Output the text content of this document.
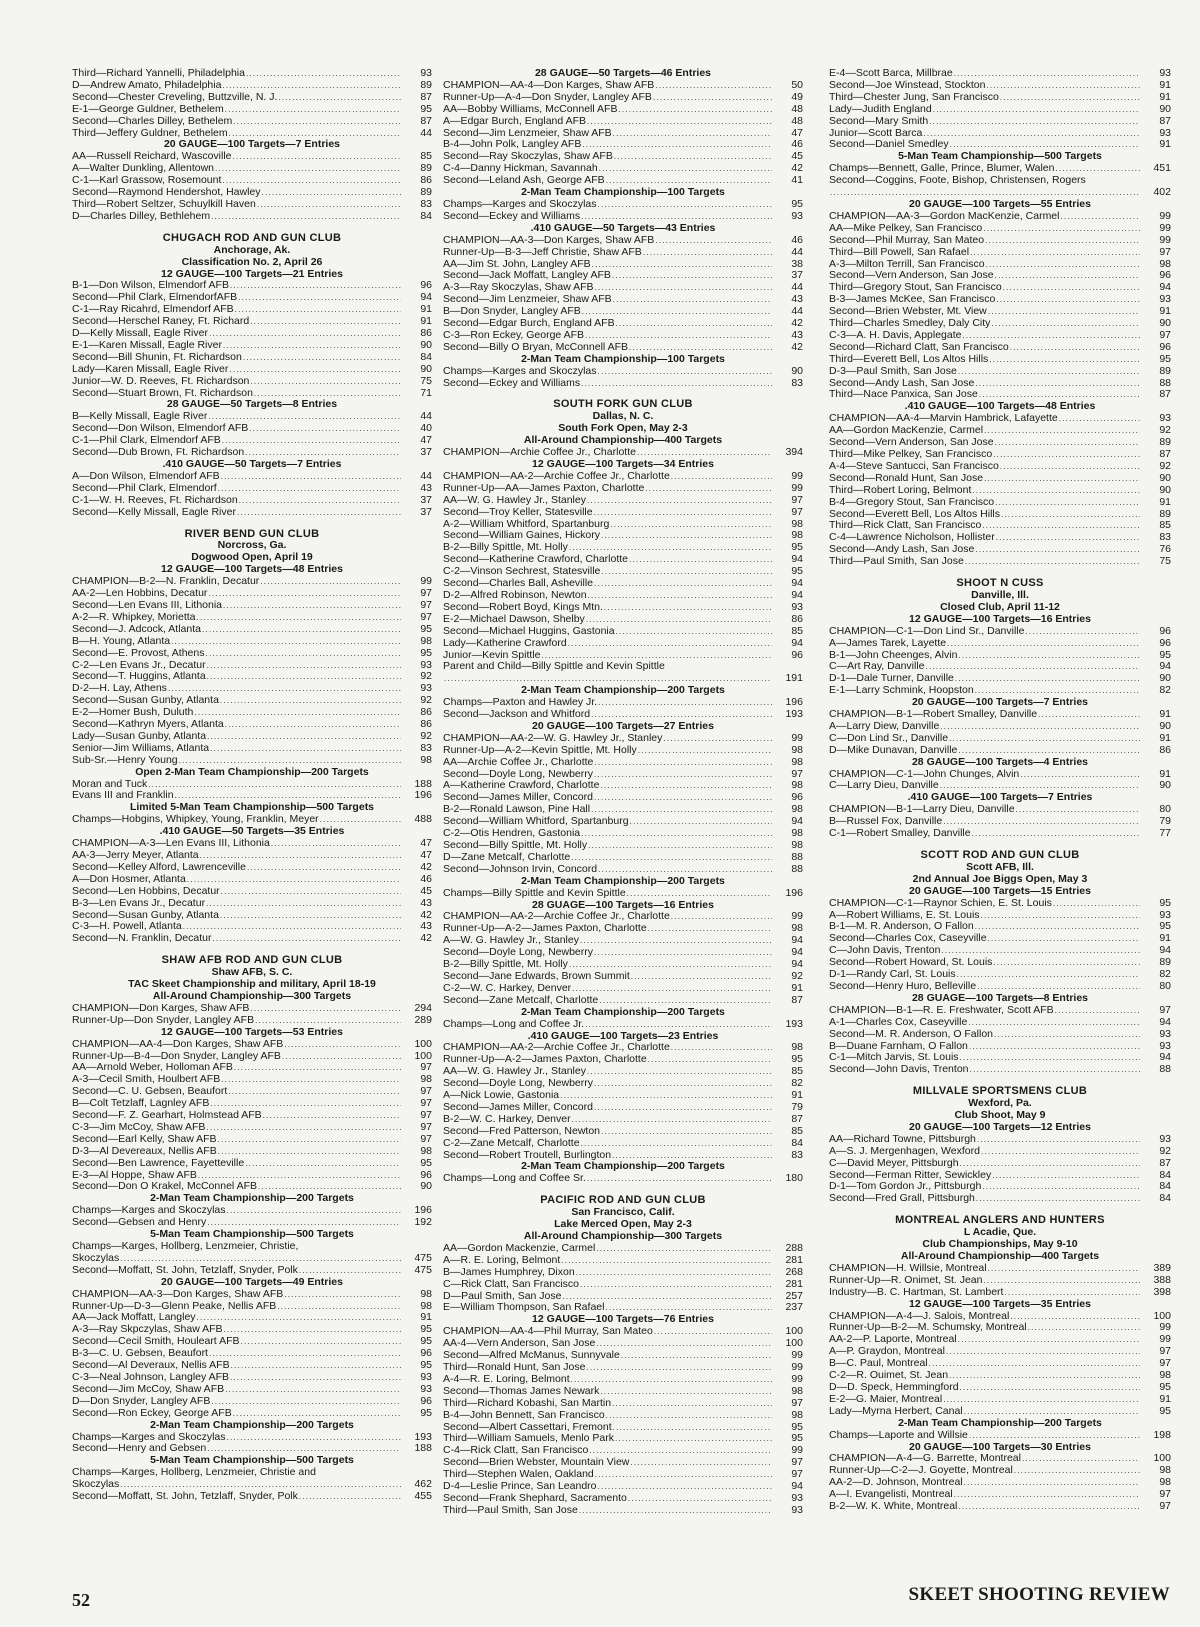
Third—Richard Yannelli, Philadelphia . . .	93
D—Andrew Amato, Philadelphia . . .	89
Second—Chester Creveling, Buttzville, N. J. . . .	87
E-1—George Guldner, Bethelem . . .	95
Second—Charles Dilley, Bethelem . . .	87
Third—Jeffery Guldner, Bethelem . . .	44
20 GAUGE—100 Targets—7 Entries
AA—Russell Reichard, Wascoville . . .	85
A—Walter Dunkling, Allentown . . .	89
C-1—Karl Grassow, Rosemount . . .	86
Second—Raymond Hendershot, Hawley . . .	89
Third—Robert Seltzer, Schuylkill Haven . . .	83
D—Charles Dilley, Bethlehem . . .	84
CHUGACH ROD AND GUN CLUB
Anchorage, Ak.
Classification No. 2, April 26
12 GAUGE—100 Targets—21 Entries
B-1—Don Wilson, Elmendorf AFB . . .	96
Second—Phil Clark, ElmendorfAFB . . .	94
C-1—Ray Ricahrd, Elmendorf AFB . . .	91
Second—Herschel Raney, Ft. Richard . . .	91
D—Kelly Missall, Eagle River . . .	86
E-1—Karen Missall, Eagle River . . .	90
Second—Bill Shunin, Ft. Richardson . . .	84
Lady—Karen Missall, Eagle River . . .	90
Junior—W. D. Reeves, Ft. Richardson . . .	75
Second—Stuart Brown, Ft. Richardson . . .	71
28 GAUGE—50 Targets—8 Entries
B—Kelly Missall, Eagle River . . .	44
Second—Don Wilson, Elmendorf AFB . . .	40
C-1—Phil Clark, Elmendorf AFB . . .	47
Second—Dub Brown, Ft. Richardson . . .	37
.410 GAUGE—50 Targets—7 Entries
A—Don Wilson, Elmendorf AFB . . .	44
Second—Phil Clark, Elmendorf . . .	43
C-1—W. H. Reeves, Ft. Richardson . . .	37
Second—Kelly Missall, Eagle River . . .	37
RIVER BEND GUN CLUB
Norcross, Ga.
Dogwood Open, April 19
12 GAUGE—100 Targets—48 Entries
CHAMPION—B-2—N. Franklin, Decatur . . .	99
AA-2—Len Hobbins, Decatur . . .	97
Second—Len Evans III, Lithonia . . .	97
A-2—R. Whipkey, Morietta . . .	97
Second—J. Adcock, Atlanta . . .	95
B—H. Young, Atlanta . . .	98
Second—E. Provost, Athens . . .	95
C-2—Len Evans Jr., Decatur . . .	93
Second—T. Huggins, Atlanta . . .	92
D-2—H. Lay, Athens . . .	93
Second—Susan Gunby, Atlanta . . .	92
E-2—Homer Bush, Duluth . . .	86
Second—Kathryn Myers, Atlanta . . .	86
Lady—Susan Gunby, Atlanta . . .	92
Senior—Jim Williams, Atlanta . . .	83
Sub-Sr.—Henry Young . . .	98
Open 2-Man Team Championship—200 Targets
Moran and Tuck . . .	188
Evans III and Franklin . . .	196
Limited 5-Man Team Championship—500 Targets
Champs—Hobgins, Whipkey, Young, Franklin, Meyer . . .	488
.410 GAUGE—50 Targets—35 Entries
CHAMPION—A-3—Len Evans III, Lithonia . . .	47
AA-3—Jerry Meyer, Atlanta . . .	47
Second—Kelley Alford, Lawrenceville . . .	42
A—Don Hosmer, Atlanta . . .	46
Second—Len Hobbins, Decatur . . .	45
B-3—Len Evans Jr., Decatur . . .	43
Second—Susan Gunby, Atlanta . . .	42
C-3—H. Powell, Atlanta . . .	43
Second—N. Franklin, Decatur . . .	42
SHAW AFB ROD AND GUN CLUB
Shaw AFB, S. C.
TAC Skeet Championship and military, April 18-19
All-Around Championship—300 Targets
CHAMPION—Don Karges, Shaw AFB . . .	294
Runner-Up—Don Snyder, Langley AFB . . .	289
12 GAUGE—100 Targets—53 Entries
CHAMPION—AA-4—Don Karges, Shaw AFB . . .	100
Runner-Up—B-4—Don Snyder, Langley AFB . . .	100
AA—Arnold Weber, Holloman AFB . . .	97
A-3—Cecil Smith, Houlbert AFB . . .	98
Second—C. U. Gebsen, Beaufort . . .	97
B—Colt Tetzlaff, Lagnley AFB . . .	97
Second—F. Z. Gearhart, Holmstead AFB . . .	97
C-3—Jim McCoy, Shaw AFB . . .	97
Second—Earl Kelly, Shaw AFB . . .	97
D-3—Al Devereaux, Nellis AFB . . .	98
Second—Ben Lawrence, Fayetteville . . .	95
E-3—Al Hoppe, Shaw AFB . . .	96
Second—Don O Krakel, McConnel AFB . . .	90
2-Man Team Championship—200 Targets
Champs—Karges and Skoczylas . . .	196
Second—Gebsen and Henry . . .	192
5-Man Team Championship—500 Targets
Champs—Karges, Hollberg, Lenzmeier, Christie,
Skoczylas . . .	475
Second—Moffatt, St. John, Tetzlaff, Snyder, Polk . . .	475
20 GAUGE—100 Targets—49 Entries
CHAMPION—AA-3—Don Karges, Shaw AFB . . .	98
Runner-Up—D-3—Glenn Peake, Nellis AFB . . .	98
AA—Jack Moffatt, Langley . . .	91
A-3—Ray Skpczylas, Shaw AFB . . .	95
Second—Cecil Smith, Houleart AFB . . .	95
B-3—C. U. Gebsen, Beaufort . . .	96
Second—Al Deveraux, Nellis AFB . . .	95
C-3—Neal Johnson, Langley AFB . . .	93
Second—Jim McCoy, Shaw AFB . . .	93
D—Don Snyder, Langley AFB . . .	96
Second—Ron Eckey, George AFB . . .	95
2-Man Team Championship—200 Targets
Champs—Karges and Skoczylas . . .	193
Second—Henry and Gebsen . . .	188
5-Man Team Championship—500 Targets
Champs—Karges, Hollberg, Lenzmeier, Christie and
Skoczylas . . .	462
Second—Moffatt, St. John, Tetzlaff, Snyder, Polk . . .	455
28 GAUGE—50 Targets—46 Entries
CHAMPION—AA-4—Don Karges, Shaw AFB . . .	50
Runner-Up—A-4—Don Snyder, Langley AFB . . .	49
AA—Bobby Williams, McConnell AFB . . .	48
A—Edgar Burch, England AFB . . .	48
Second—Jim Lenzmeier, Shaw AFB . . .	47
B-4—John Polk, Langley AFB . . .	46
Second—Ray Skoczylas, Shaw AFB . . .	45
C-4—Danny Hickman, Savannah . . .	42
Second—Leland Ash, George AFB . . .	41
2-Man Team Championship—100 Targets
Champs—Karges and Skoczylas . . .	95
Second—Eckey and Williams . . .	93
.410 GAUGE—50 Targets—43 Entries
CHAMPION—AA-3—Don Karges, Shaw AFB . . .	46
Runner-Up—B-3—Jeff Christie, Shaw AFB . . .	44
AA—Jim St. John, Langley AFB . . .	38
Second—Jack Moffatt, Langley AFB . . .	37
A-3—Ray Skoczylas, Shaw AFB . . .	44
Second—Jim Lenzmeier, Shaw AFB . . .	43
B—Don Snyder, Langley AFB . . .	44
Second—Edgar Burch, England AFB . . .	42
C-3—Ron Eckey, George AFB . . .	43
Second—Billy O Bryan, McConnell AFB . . .	42
2-Man Team Championship—100 Targets
Champs—Karges and Skoczylas . . .	90
Second—Eckey and Williams . . .	83
SOUTH FORK GUN CLUB
Dallas, N. C.
South Fork Open, May 2-3
All-Around Championship—400 Targets
CHAMPION—Archie Coffee Jr., Charlotte . . .	394
12 GAUGE—100 Targets—34 Entries
CHAMPION—AA-2—Archie Coffee Jr., Charlotte . . .	99
Runner-Up—AA—James Paxton, Charlotte . . .	99
AA—W. G. Hawley Jr., Stanley . . .	97
Second—Troy Keller, Statesville . . .	97
A-2—William Whitford, Spartanburg . . .	98
Second—William Gaines, Hickory . . .	98
B-2—Billy Spittle, Mt. Holly . . .	95
Second—Katherine Crawford, Charlotte . . .	94
C-2—Vinson Sechrest, Statesville . . .	95
Second—Charles Ball, Asheville . . .	94
D-2—Alfred Robinson, Newton . . .	94
Second—Robert Boyd, Kings Mtn. . . .	93
E-2—Michael Dawson, Shelby . . .	86
Second—Michael Huggins, Gastonia . . .	85
Lady—Katherine Crawford . . .	94
Junior—Kevin Spittle . . .	96
Parent and Child—Billy Spittle and Kevin Spittle
. . .
191
2-Man Team Championship—200 Targets
Champs—Paxton and Hawley Jr. . . .	196
Second—Jackson and Whitford . . .	193
20 GAUGE—100 Targets—27 Entries
CHAMPION—AA-2—W. G. Hawley Jr., Stanley . . .	99
Runner-Up—A-2—Kevin Spittle, Mt. Holly . . .	98
AA—Archie Coffee Jr., Charlotte . . .	98
Second—Doyle Long, Newberry . . .	97
A—Katherine Crawford, Charlotte . . .	98
Second—James Miller, Concord . . .	96
B-2—Ronald Lawson, Pine Hall . . .	98
Second—William Whitford, Spartanburg . . .	94
C-2—Otis Hendren, Gastonia . . .	98
Second—Billy Spittle, Mt. Holly . . .	98
D—Zane Metcalf, Charlotte . . .	88
Second—Johnson Irvin, Concord . . .	88
2-Man Team Championship—200 Targets
Champs—Billy Spittle and Kevin Spittle . . .	196
28 GUAGE—100 Targets—16 Entries
CHAMPION—AA-2—Archie Coffee Jr., Charlotte . . .	99
Runner-Up—A-2—James Paxton, Charlotte . . .	98
A—W. G. Hawley Jr., Stanley . . .	94
Second—Doyle Long, Newberry . . .	94
B-2—Billy Spittle, Mt. Holly . . .	94
Second—Jane Edwards, Brown Summit . . .	92
C-2—W. C. Harkey, Denver . . .	91
Second—Zane Metcalf, Charlotte . . .	87
2-Man Team Championship—200 Targets
Champs—Long and Coffee Jr. . . .	193
.410 GAUGE—100 Targets—23 Entries
CHAMPION—AA-2—Archie Coffee Jr., Charlotte . . .	98
Runner-Up—A-2—James Paxton, Charlotte . . .	95
AA—W. G. Hawley Jr., Stanley . . .	85
Second—Doyle Long, Newberry . . .	82
A—Nick Lowie, Gastonia . . .	91
Second—James Miller, Concord . . .	79
B-2—W. C. Harkey, Denver . . .	87
Second—Fred Patterson, Newton . . .	85
C-2—Zane Metcalf, Charlotte . . .	84
Second—Robert Troutell, Burlington . . .	83
2-Man Team Championship—200 Targets
Champs—Long and Coffee Sr. . . .	180
PACIFIC ROD AND GUN CLUB
San Francisco, Calif.
Lake Merced Open, May 2-3
All-Around Championship—300 Targets
AA—Gordon Mackenzie, Carmel . . .	288
A—R. E. Loring, Belmont . . .	281
B—James Humphrey, Dixon . . .	268
C—Rick Clatt, San Francisco . . .	281
D—Paul Smith, San Jose . . .	257
E—William Thompson, San Rafael . . .	237
12 GAUGE—100 Targets—76 Entries
CHAMPION—AA-4—Phil Murray, San Mateo . . .	100
AA-4—Vern Anderson, San Jose . . .	100
Second—Alfred McManus, Sunnyvale . . .	99
Third—Ronald Hunt, San Jose . . .	99
A-4—R. E. Loring, Belmont . . .	99
Second—Thomas James Newark . . .	98
Third—Richard Kobashi, San Martin . . .	97
B-4—John Bennett, San Francisco . . .	98
Second—Albert Cassettari, Fremont . . .	95
Third—William Samuels, Menlo Park . . .	95
C-4—Rick Clatt, San Francisco . . .	99
Second—Brien Webster, Mountain View . . .	97
Third—Stephen Walen, Oakland . . .	97
D-4—Leslie Prince, San Leandro . . .	94
Second—Frank Shephard, Sacramento . . .	93
Third—Paul Smith, San Jose . . .	93
E-4—Scott Barca, Millbrae . . .	93
Second—Joe Winstead, Stockton . . .	91
Third—Chester Jung, San Francisco . . .	91
Lady—Judith England . . .	90
Second—Mary Smith . . .	87
Junior—Scott Barca . . .	93
Second—Daniel Smedley . . .	91
5-Man Team Championship—500 Targets
Champs—Bennett, Galle, Prince, Blumer, Walen . . .	451
Second—Coggins, Foote, Bishop, Christensen, Rogers
. . .
402
20 GAUGE—100 Targets—55 Entries
CHAMPION—AA-3—Gordon MacKenzie, Carmel . . .	99
AA—Mike Pelkey, San Francisco . . .	99
Second—Phil Murray, San Mateo . . .	99
Third—Bill Powell, San Rafael . . .	97
A-3—Milton Terrill, San Francisco . . .	98
Second—Vern Anderson, San Jose . . .	96
Third—Gregory Stout, San Francisco . . .	94
B-3—James McKee, San Francisco . . .	93
Second—Brien Webster, Mt. View . . .	91
Third—Charles Smedley, Daly City . . .	90
C-3—A. H. Davis, Applegate . . .	97
Second—Richard Clatt, San Francisco . . .	96
Third—Everett Bell, Los Altos Hills . . .	95
D-3—Paul Smith, San Jose . . .	89
Second—Andy Lash, San Jose . . .	88
Third—Nace Panxica, San Jose . . .	87
.410 GAUGE—100 Targets—48 Entries
CHAMPION—AA-4—Marvin Hambrick, Lafayette . . .	93
AA—Gordon MacKenzie, Carmel . . .	92
Second—Vern Anderson, San Jose . . .	89
Third—Mike Pelkey, San Francisco . . .	87
A-4—Steve Santucci, San Francisco . . .	92
Second—Ronald Hunt, San Jose . . .	90
Third—Robert Loring, Belmont . . .	90
B-4—Gregory Stout, San Francisco . . .	91
Second—Everett Bell, Los Altos Hills . . .	89
Third—Rick Clatt, San Francisco . . .	85
C-4—Lawrence Nicholson, Hollister . . .	83
Second—Andy Lash, San Jose . . .	76
Third—Paul Smith, San Jose . . .	75
SHOOT N CUSS
Danville, Ill.
Closed Club, April 11-12
12 GAUGE—100 Targets—16 Entries
CHAMPION—C-1—Don Lind Sr., Danville . . .	96
A—James Tarek, Layette . . .	96
B-1—John Cheenges, Alvin . . .	95
C—Art Ray, Danville . . .	94
D-1—Dale Turner, Danville . . .	90
E-1—Larry Schmink, Hoopston . . .	82
20 GAUGE—100 Targets—7 Entries
CHAMPION—B-1—Robert Smalley, Danville . . .	91
A—Larry Diew, Danville . . .	90
C—Don Lind Sr., Danville . . .	91
D—Mike Dunavan, Danville . . .	86
28 GAUGE—100 Targets—4 Entries
CHAMPION—C-1—John Chunges, Alvin . . .	91
C—Larry Dieu, Danville . . .	90
.410 GAUGE—100 Targets—7 Entries
CHAMPION—B-1—Larry Dieu, Danville . . .	80
B—Russel Fox, Danville . . .	79
C-1—Robert Smalley, Danville . . .	77
SCOTT ROD AND GUN CLUB
Scott AFB, Ill.
2nd Annual Joe Biggs Open, May 3
20 GAUGE—100 Targets—15 Entries
CHAMPION—C-1—Raynor Schien, E. St. Louis . . .	95
A—Robert Williams, E. St. Louis . . .	93
B-1—M. R. Anderson, O Fallon . . .	95
Second—Charles Cox, Caseyville . . .	91
C—John Davis, Trenton . . .	94
Second—Robert Howard, St. Louis . . .	89
D-1—Randy Carl, St. Louis . . .	82
Second—Henry Huro, Belleville . . .	80
28 GUAGE—100 Targets—8 Entries
CHAMPION—B-1—R. E. Freshwater, Scott AFB . . .	97
A-1—Charles Cox, Caseyville . . .	94
Second—M. R. Anderson, O Fallon . . .	93
B—Duane Farnham, O Fallon . . .	93
C-1—Mitch Jarvis, St. Louis . . .	94
Second—John Davis, Trenton . . .	88
MILLVALE SPORTSMENS CLUB
Wexford, Pa.
Club Shoot, May 9
20 GAUGE—100 Targets—12 Entries
AA—Richard Towne, Pittsburgh . . .	93
A—S. J. Mergenhagen, Wexford . . .	92
C—David Meyer, Pittsburgh . . .	87
Second—Ferman Ritter, Sewickley . . .	84
D-1—Tom Gordon Jr., Pittsburgh . . .	84
Second—Fred Grall, Pittsburgh . . .	84
MONTREAL ANGLERS AND HUNTERS
L Acadie, Que.
Club Championships, May 9-10
All-Around Championship—400 Targets
CHAMPION—H. Willsie, Montreal . . .	389
Runner-Up—R. Onimet, St. Jean . . .	388
Industry—B. C. Hartman, St. Lambert . . .	398
12 GAUGE—100 Targets—35 Entries
CHAMPION—A-4—J. Salois, Montreal . . .	100
Runner-Up—B-2—M. Schumsky, Montreal . . .	99
AA-2—P. Laporte, Montreal . . .	99
A—P. Graydon, Montreal . . .	97
B—C. Paul, Montreal . . .	97
C-2—R. Ouimet, St. Jean . . .	98
D—D. Speck, Hemmingford . . .	95
E-2—G. Maier, Montreal . . .	91
Lady—Myrna Herbert, Canal . . .	95
2-Man Team Championship—200 Targets
Champs—Laporte and Willsie . . .	198
20 GAUGE—100 Targets—30 Entries
CHAMPION—A-4—G. Barrette, Montreal . . .	100
Runner-Up—C-2—J. Goyette, Montreal . . .	98
AA-2—D. Johnson, Montreal . . .	98
A—I. Evangelisti, Montreal . . .	97
B-2—W. K. White, Montreal . . .	97
52	SKEET SHOOTING REVIEW
